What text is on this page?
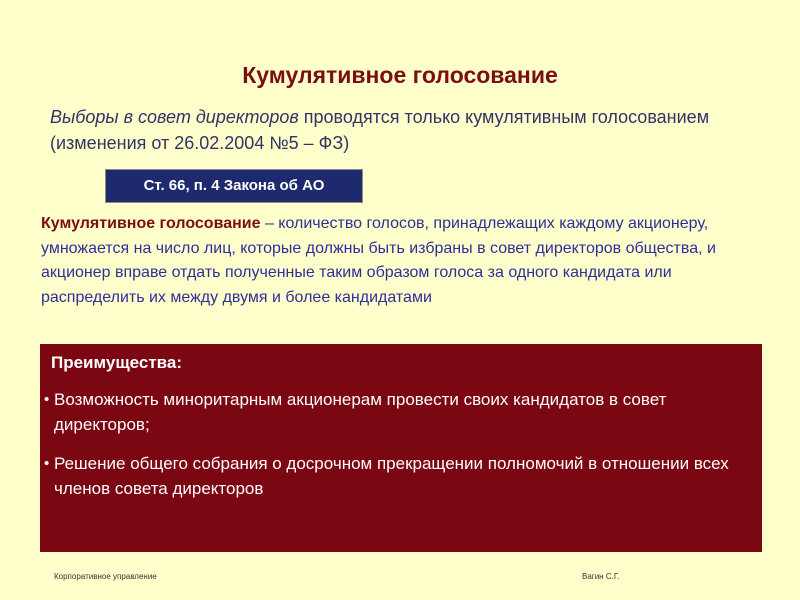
Кумулятивное голосование

Выборы в совет директоров проводятся только кумулятивным голосованием (изменения от 26.02.2004 №5 – ФЗ)

Ст. 66, п. 4 Закона об АО

Кумулятивное голосование – количество голосов, принадлежащих каждому акционеру, умножается на число лиц, которые должны быть избраны в совет директоров общества, и акционер вправе отдать полученные таким образом голоса за одного кандидата или распределить их между двумя и более кандидатами

Преимущества:
• Возможность миноритарным акционерам провести своих кандидатов в совет директоров;
• Решение общего собрания о досрочном прекращении полномочий в отношении всех членов совета директоров
Корпоративное управление	Вагин С.Г.
